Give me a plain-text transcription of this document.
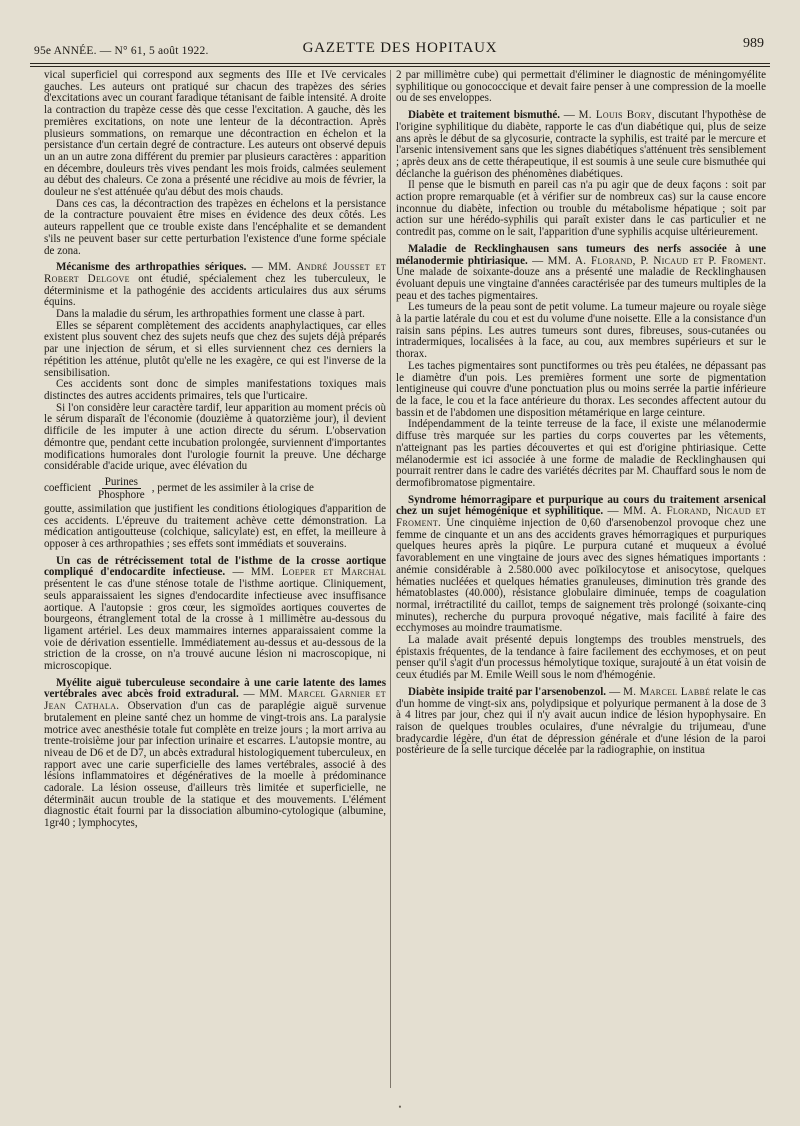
95e ANNÉE. — N° 61, 5 août 1922.	GAZETTE DES HOPITAUX	989

vical superficiel qui correspond aux segments des IIIe et IVe cervicales gauches. Les auteurs ont pratiqué sur chacun des trapèzes des séries d'excitations avec un courant faradique tétanisant de faible intensité. A droite la contraction du trapèze cesse dès que cesse l'excitation. A gauche, dès les premières excitations, on note une lenteur de la décontraction. Après plusieurs sommations, on remarque une décontraction en échelon et la persistance d'un certain degré de contracture. Les auteurs ont observé depuis un an un autre zona différent du premier par plusieurs caractères : apparition en décembre, douleurs très vives pendant les mois froids, calmées seulement au début des chaleurs. Ce zona a présenté une récidive au mois de février, la douleur ne s'est atténuée qu'au début des mois chauds.

Dans ces cas, la décontraction des trapèzes en échelons et la persistance de la contracture pouvaient être mises en évidence des deux côtés. Les auteurs rappellent que ce trouble existe dans l'encéphalite et se demandent s'ils ne peuvent baser sur cette perturbation l'existence d'une forme spéciale de zona.

Mécanisme des arthropathies sériques. — MM. André Jousset et Robert Delgove ont étudié, spécialement chez les tuberculeux, le déterminisme et la pathogénie des accidents articulaires dus aux sérums équins.

Dans la maladie du sérum, les arthropathies forment une classe à part.

Elles se séparent complètement des accidents anaphylactiques, car elles existent plus souvent chez des sujets neufs que chez des sujets déjà préparés par une injection de sérum, et si elles surviennent chez ces derniers la répétition les atténue, plutôt qu'elle ne les exagère, ce qui est l'inverse de la sensibilisation.

Ces accidents sont donc de simples manifestations toxiques mais distinctes des autres accidents primaires, tels que l'urticaire.

Si l'on considère leur caractère tardif, leur apparition au moment précis où le sérum disparaît de l'économie (douzième à quatorzième jour), il devient difficile de les imputer à une action directe du sérum. L'observation démontre que, pendant cette incubation prolongée, surviennent d'importantes modifications humorales dont l'urologie fournit la preuve. Une décharge considérable d'acide urique, avec élévation du

coefficient $\frac{\text{Purines}}{\text{Phosphore}}$ , permet de les assimiler à la crise de

goutte, assimilation que justifient les conditions étiologiques d'apparition de ces accidents. L'épreuve du traitement achève cette démonstration. La médication antigoutteuse (colchique, salicylate) est, en effet, la meilleure à opposer à ces arthropathies ; ses effets sont immédiats et souverains.

Un cas de rétrécissement total de l'isthme de la crosse aortique compliqué d'endocardite infectieuse. — MM. Loeper et Marchal présentent le cas d'une sténose totale de l'isthme aortique. Cliniquement, seuls apparaissaient les signes d'endocardite infectieuse avec insuffisance aortique. A l'autopsie : gros cœur, les sigmoïdes aortiques couvertes de bourgeons, étranglement total de la crosse à 1 millimètre au-dessous du ligament artériel. Les deux mammaires internes apparaissaient comme la voie de dérivation essentielle. Immédiatement au-dessus et au-dessous de la striction de la crosse, on n'a trouvé aucune lésion ni macroscopique, ni microscopique.

Myélite aiguë tuberculeuse secondaire à une carie latente des lames vertébrales avec abcès froid extradural. — MM. Marcel Garnier et Jean Cathala. Observation d'un cas de paraplégie aiguë survenue brutalement en pleine santé chez un homme de vingt-trois ans. La paralysie motrice avec anesthésie totale fut complète en treize jours ; la mort arriva au trente-troisième jour par infection urinaire et escarres. L'autopsie montre, au niveau de D6 et de D7, un abcès extradural histologiquement tuberculeux, en rapport avec une carie superficielle des lames vertébrales, associé à des lésions inflammatoires et dégénératives de la moelle à prédominance cadorale. La lésion osseuse, d'ailleurs très limitée et superficielle, ne détermināit aucun trouble de la statique et des mouvements. L'élément diagnostic était fourni par la dissociation albumino-cytologique (albumine, 1gr40 ; lymphocytes,

2 par millimètre cube) qui permettait d'éliminer le diagnostic de méningomyélite syphilitique ou gonococcique et devait faire penser à une compression de la moelle ou de ses enveloppes.

Diabète et traitement bismuthé. — M. Louis Bory, discutant l'hypothèse de l'origine syphilitique du diabète, rapporte le cas d'un diabétique qui, plus de seize ans après le début de sa glycosurie, contracte la syphilis, est traité par le mercure et l'arsenic intensivement sans que les signes diabétiques s'atténuent très sensiblement ; après deux ans de cette thérapeutique, il est soumis à une seule cure bismuthée qui déclanche la guérison des phénomènes diabétiques.

Il pense que le bismuth en pareil cas n'a pu agir que de deux façons : soit par action propre remarquable (et à vérifier sur de nombreux cas) sur la cause encore inconnue du diabète, infection ou trouble du métabolisme hépatique ; soit par action sur une hérédo-syphilis qui paraît exister dans le cas particulier et ne contredit pas, comme on le sait, l'apparition d'une syphilis acquise ultérieurement.

Maladie de Recklinghausen sans tumeurs des nerfs associée à une mélanodermie phtiriasique. — MM. A. Florand, P. Nicaud et P. Froment. Une malade de soixante-douze ans a présenté une maladie de Recklinghausen évoluant depuis une vingtaine d'années caractérisée par des tumeurs multiples de la peau et des taches pigmentaires.

Les tumeurs de la peau sont de petit volume. La tumeur majeure ou royale siège à la partie latérale du cou et est du volume d'une noisette. Elle a la consistance d'un raisin sans pépins. Les autres tumeurs sont dures, fibreuses, sous-cutanées ou intradermiques, localisées à la face, au cou, aux membres supérieurs et sur le thorax.

Les taches pigmentaires sont punctiformes ou très peu étalées, ne dépassant pas le diamètre d'un pois. Les premières forment une sorte de pigmentation lentigineuse qui couvre d'une ponctuation plus ou moins serrée la partie inférieure de la face, le cou et la face antérieure du thorax. Les secondes affectent autour du bassin et de l'abdomen une disposition métamérique en large ceinture.

Indépendamment de la teinte terreuse de la face, il existe une mélanodermie diffuse très marquée sur les parties du corps couvertes par les vêtements, n'atteignant pas les parties découvertes et qui est d'origine phtiriasique. Cette mélanodermie est ici associée à une forme de maladie de Recklinghausen qui pourrait rentrer dans le cadre des variétés décrites par M. Chauffard sous le nom de dermofibromatose pigmentaire.

Syndrome hémorragipare et purpurique au cours du traitement arsenical chez un sujet hémogénique et syphilitique. — MM. A. Florand, Nicaud et Froment. Une cinquième injection de 0,60 d'arsenobenzol provoque chez une femme de cinquante et un ans des accidents graves hémorragiques et purpuriques quelques heures après la piqûre. Le purpura cutané et muqueux a évolué favorablement en une vingtaine de jours avec des signes hématiques importants : anémie considérable à 2.580.000 avec poïkilocytose et anisocytose, quelques hématies nucléées et quelques hématies granuleuses, diminution très grande des hématoblastes (40.000), résistance globulaire diminuée, temps de coagulation normal, irrétractilité du caillot, temps de saignement très prolongé (soixante-cinq minutes), recherche du purpura provoqué négative, mais facilité à faire des ecchymoses au moindre traumatisme.

La malade avait présenté depuis longtemps des troubles menstruels, des épistaxis fréquentes, de la tendance à faire facilement des ecchymoses, et on peut penser qu'il s'agit d'un processus hémolytique toxique, surajouté à un état voisin de ceux étudiés par M. Emile Weill sous le nom d'hémogénie.

Diabète insipide traité par l'arsenobenzol. — M. Marcel Labbé relate le cas d'un homme de vingt-six ans, polydipsique et polyurique permanent à la dose de 3 à 4 litres par jour, chez qui il n'y avait aucun indice de lésion hypophysaire. En raison de quelques troubles oculaires, d'une névralgie du trijumeau, d'une bradycardie légère, d'un état de dépression générale et d'une lésion de la paroi postérieure de la selle turcique décelée par la radiographie, on institua

•
